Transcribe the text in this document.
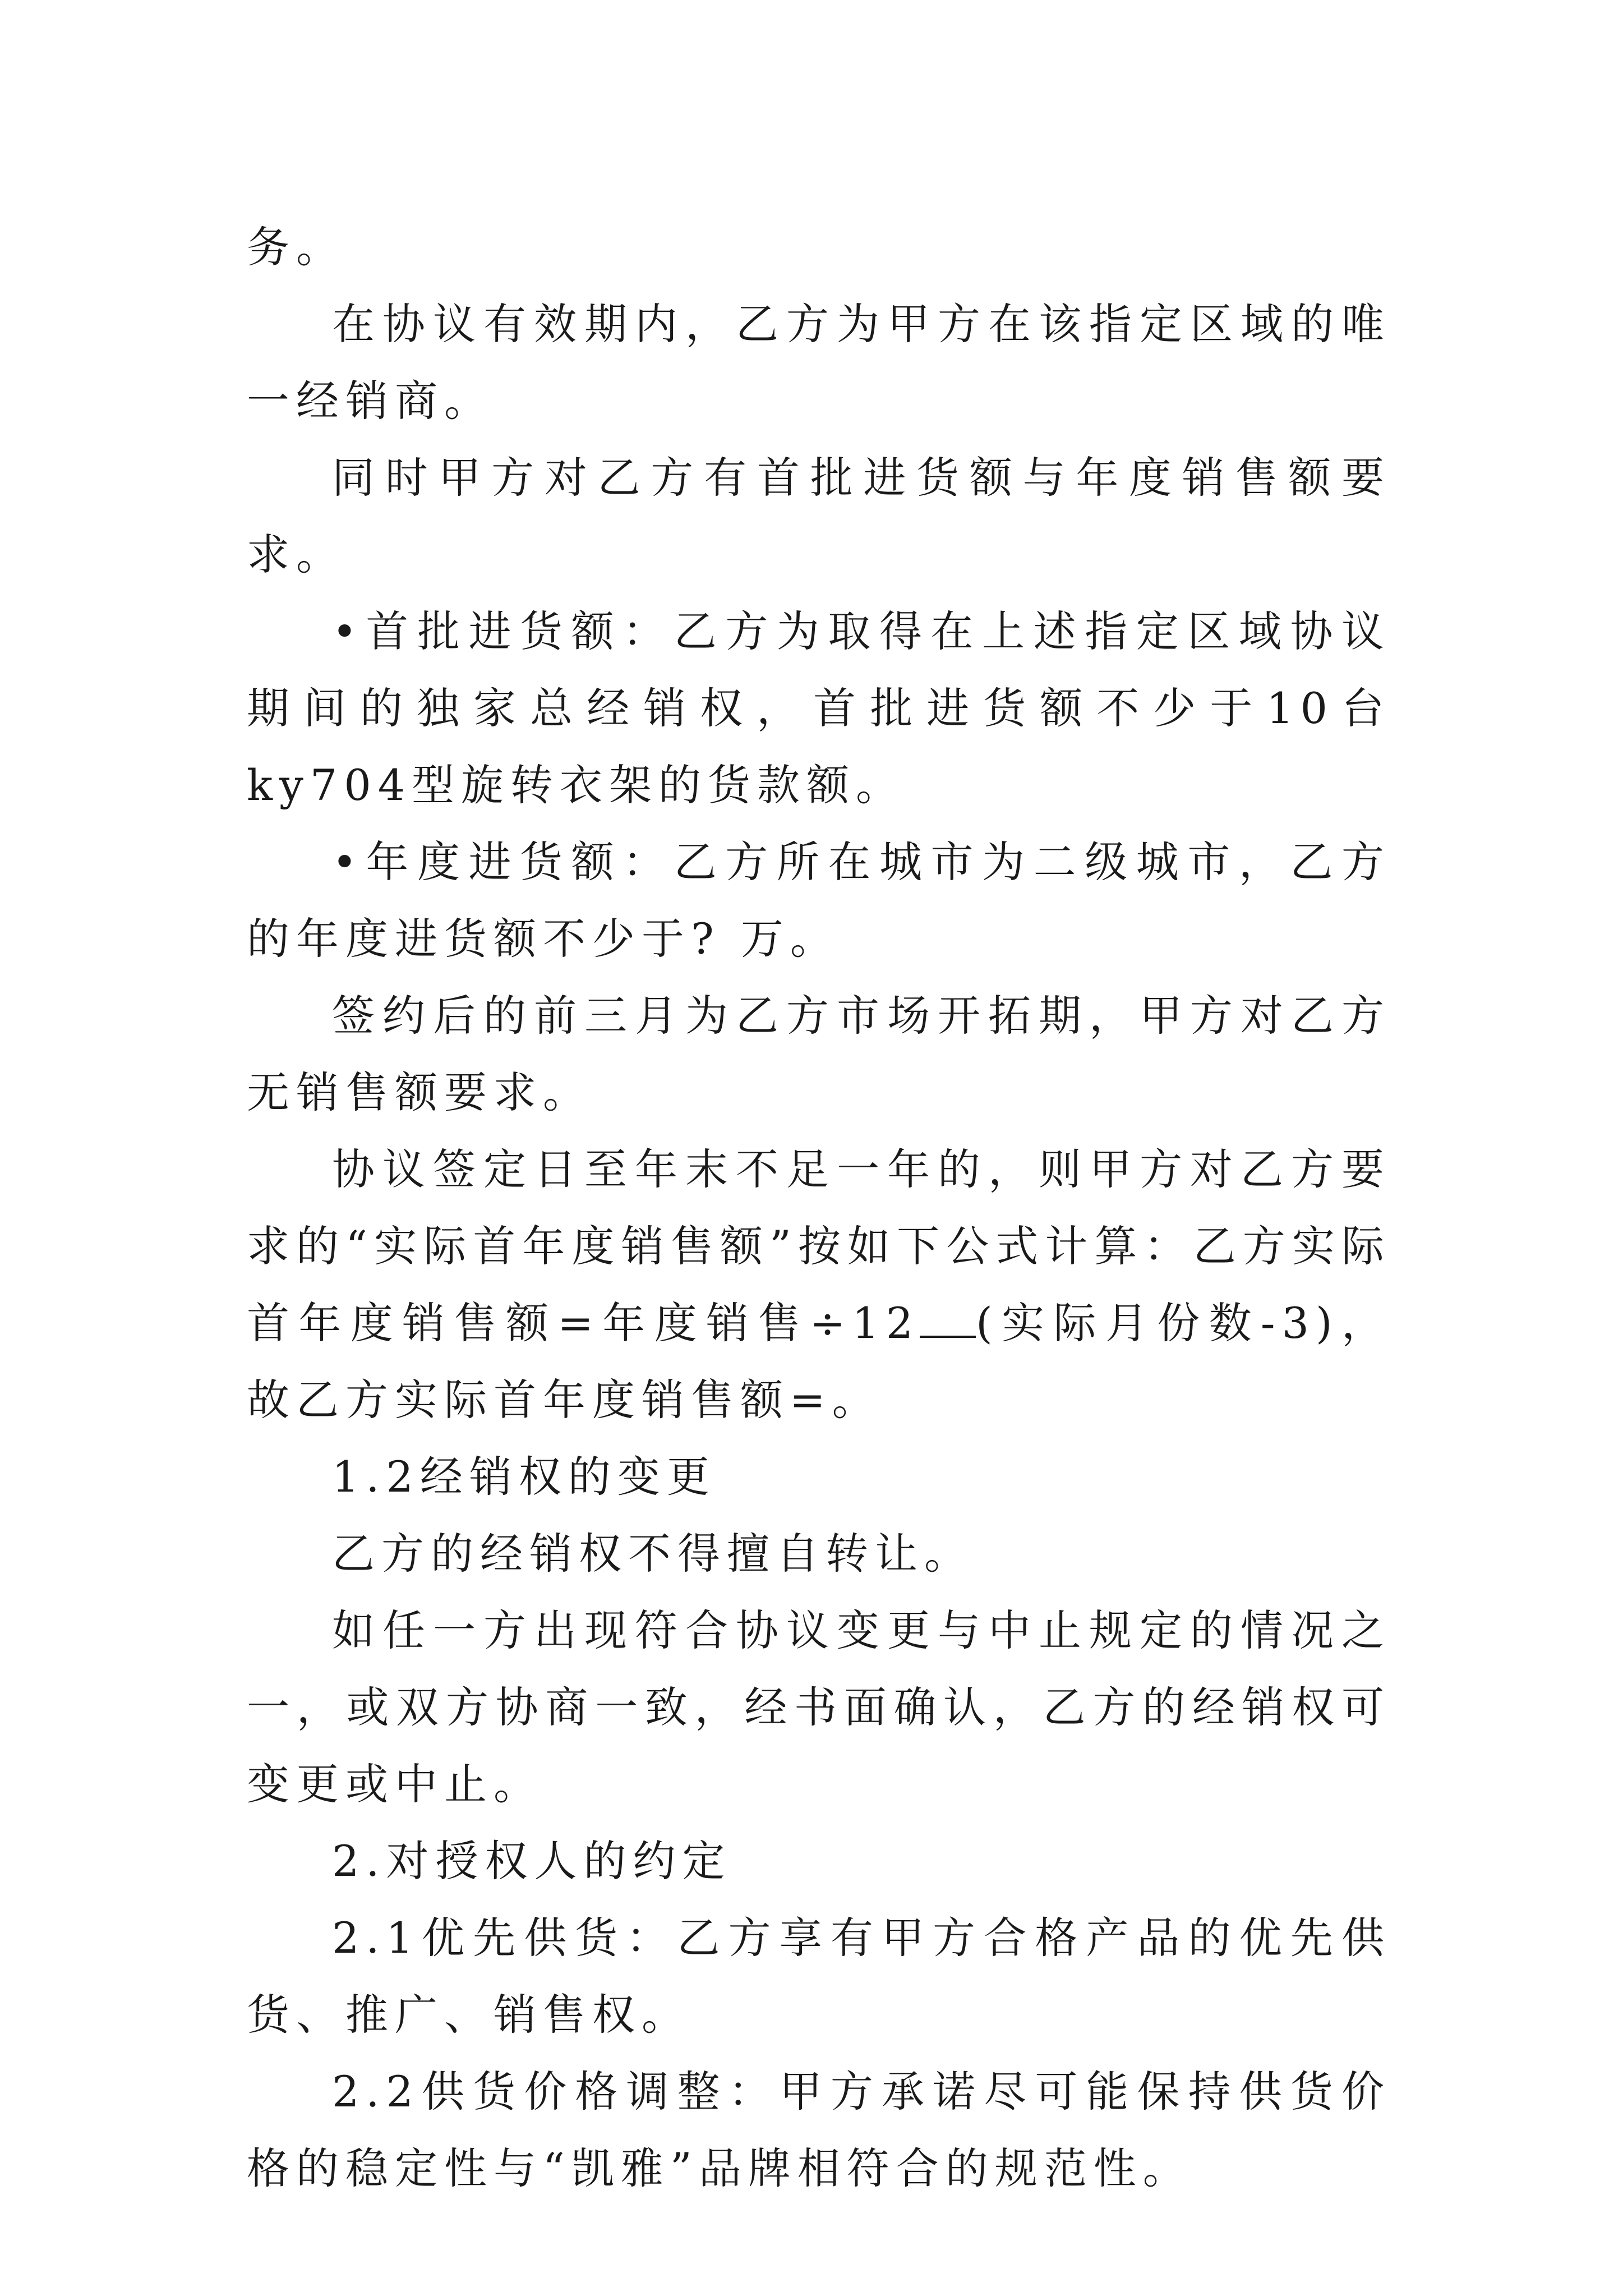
务。

在协议有效期内，乙方为甲方在该指定区域的唯一经销商。

同时甲方对乙方有首批进货额与年度销售额要求。

•首批进货额：乙方为取得在上述指定区域协议期间的独家总经销权，首批进货额不少于10台ky704型旋转衣架的货款额。

•年度进货额：乙方所在城市为二级城市，乙方的年度进货额不少于? 万。

签约后的前三月为乙方市场开拓期，甲方对乙方无销售额要求。

协议签定日至年末不足一年的，则甲方对乙方要求的“实际首年度销售额”按如下公式计算：乙方实际首年度销售额=年度销售÷12 (实际月份数-3)，故乙方实际首年度销售额=。

1.2经销权的变更

乙方的经销权不得擅自转让。

如任一方出现符合协议变更与中止规定的情况之一，或双方协商一致，经书面确认，乙方的经销权可变更或中止。

2.对授权人的约定

2.1优先供货：乙方享有甲方合格产品的优先供货、推广、销售权。

2.2供货价格调整：甲方承诺尽可能保持供货价格的稳定性与“凯雅”品牌相符合的规范性。
